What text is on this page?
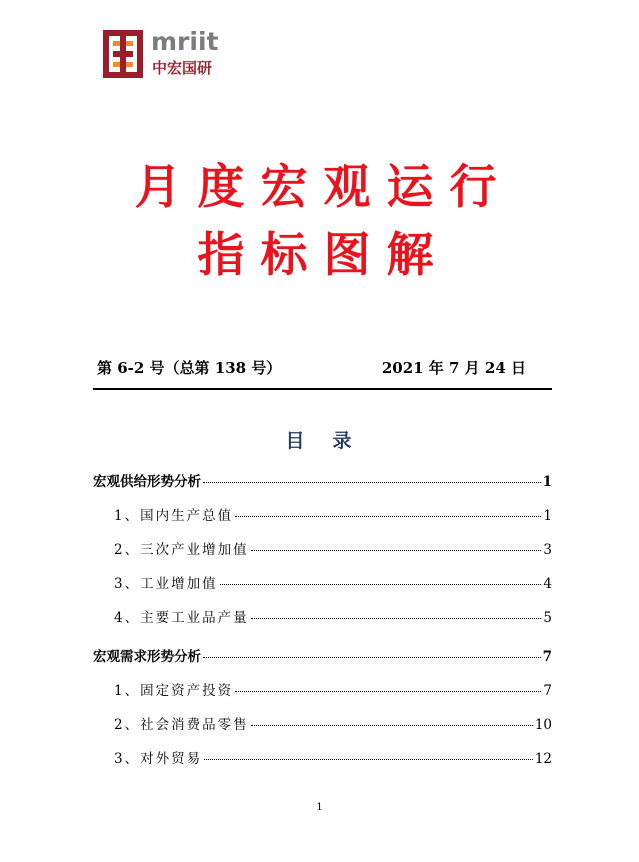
mriit
中宏国研
月度宏观运行
指标图解
第 6-2 号（总第 138 号）	2021 年 7 月 24 日
目录
宏观供给形势分析	1
1、国内生产总值	1
2、三次产业增加值	3
3、工业增加值	4
4、主要工业品产量	5
宏观需求形势分析	7
1、固定资产投资	7
2、社会消费品零售	10
3、对外贸易	12
1
